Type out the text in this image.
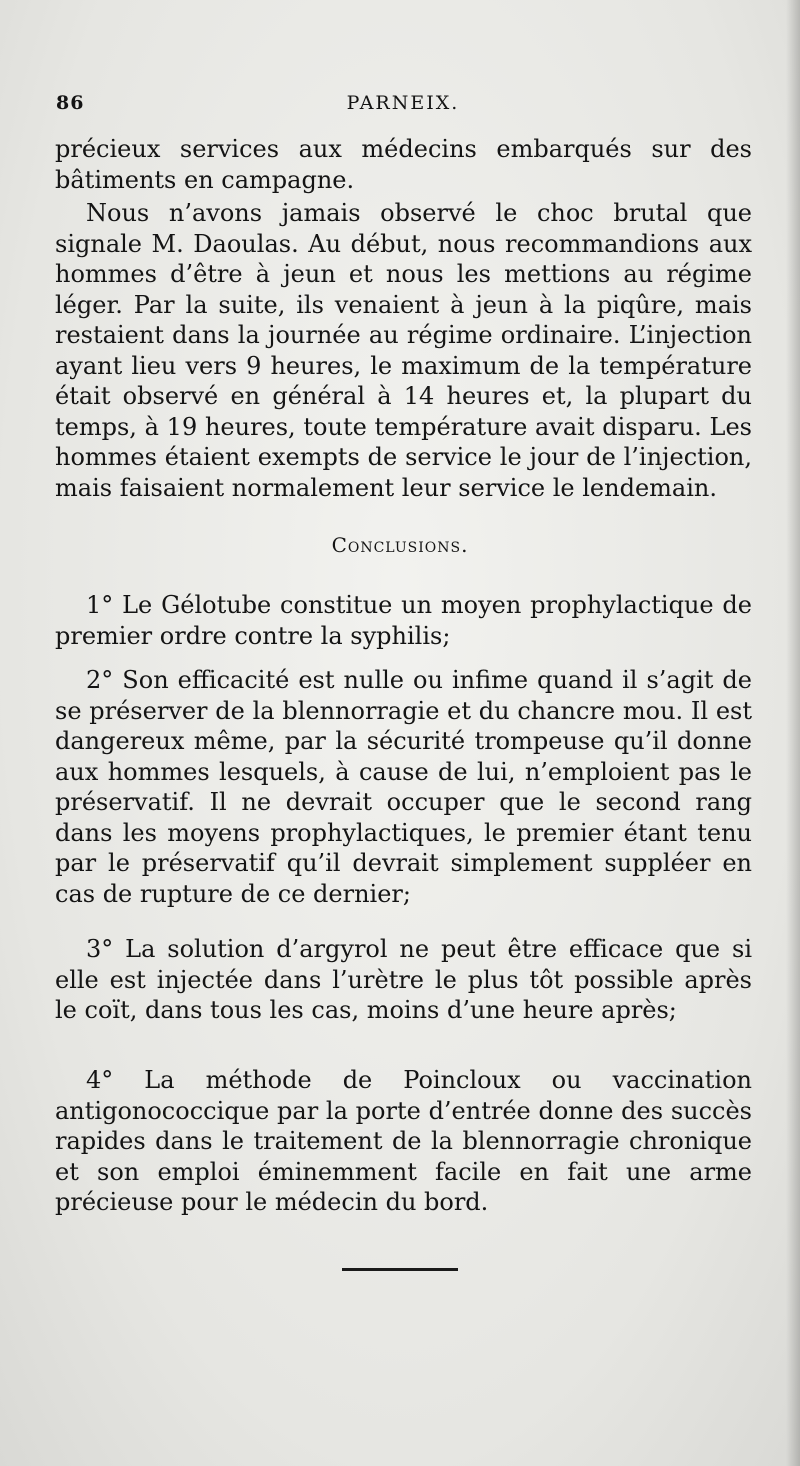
86	PARNEIX.
précieux services aux médecins embarqués sur des bâtiments en campagne.
Nous n’avons jamais observé le choc brutal que signale M. Daoulas. Au début, nous recommandions aux hommes d’être à jeun et nous les mettions au régime léger. Par la suite, ils venaient à jeun à la piqûre, mais restaient dans la journée au régime ordinaire. L’injection ayant lieu vers 9 heures, le maximum de la température était observé en général à 14 heures et, la plupart du temps, à 19 heures, toute température avait disparu. Les hommes étaient exempts de service le jour de l’injection, mais faisaient normalement leur service le lendemain.
Conclusions.
1° Le Gélotube constitue un moyen prophylactique de premier ordre contre la syphilis;
2° Son efficacité est nulle ou infime quand il s’agit de se préserver de la blennorragie et du chancre mou. Il est dangereux même, par la sécurité trompeuse qu’il donne aux hommes lesquels, à cause de lui, n’emploient pas le préservatif. Il ne devrait occuper que le second rang dans les moyens prophylactiques, le premier étant tenu par le préservatif qu’il devrait simplement suppléer en cas de rupture de ce dernier;
3° La solution d’argyrol ne peut être efficace que si elle est injectée dans l’urètre le plus tôt possible après le coït, dans tous les cas, moins d’une heure après;
4° La méthode de Poincloux ou vaccination antigonococcique par la porte d’entrée donne des succès rapides dans le traitement de la blennorragie chronique et son emploi éminemment facile en fait une arme précieuse pour le médecin du bord.
